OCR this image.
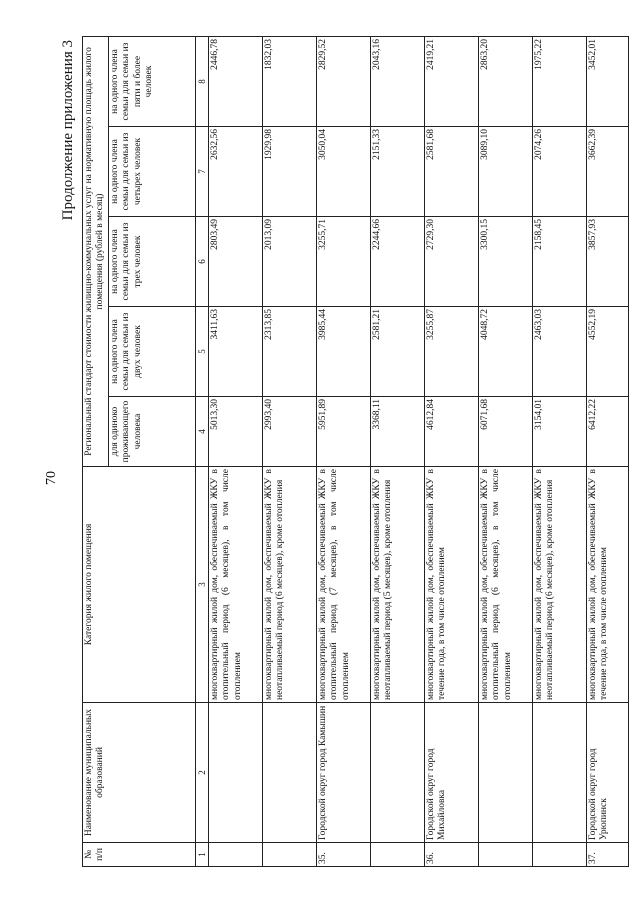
70
Продолжение приложения 3
№ п/п	Наименование муниципальных образований	Категория жилого помещения	Региональный стандарт стоимости жилищно-коммунальных услуг на нормативную площадь жилого помещения (рублей в месяц)				
			для одиноко проживающего человека	на одного члена семьи для семьи из двух человек	на одного члена семьи для семьи из трех человек	на одного члена семьи для семьи из четырех человек	на одного члена семьи для семьи из пяти и более человек
1	2	3	4	5	6	7	8
		многоквартирный жилой дом, обеспечиваемый ЖКУ в отопительный период (6 месяцев), в том числе отоплением	5013,30	3411,63	2803,49	2632,56	2446,78
		многоквартирный жилой дом, обеспечиваемый ЖКУ в неотапливаемый период (6 месяцев), кроме отопления	2993,40	2313,85	2013,09	1929,98	1832,03
35.	Городской округ город Камышин	многоквартирный жилой дом, обеспечиваемый ЖКУ в отопительный период (7 месяцев), в том числе отоплением	5951,89	3985,44	3255,71	3050,04	2829,52
		многоквартирный жилой дом, обеспечиваемый ЖКУ в неотапливаемый период (5 месяцев), кроме отопления	3368,11	2581,21	2244,66	2151,33	2043,16
36.	Городской округ город Михайловка	многоквартирный жилой дом, обеспечиваемый ЖКУ в течение года, в том числе отоплением	4612,84	3255,87	2729,30	2581,68	2419,21
		многоквартирный жилой дом, обеспечиваемый ЖКУ в отопительный период (6 месяцев), в том числе отоплением	6071,68	4048,72	3300,15	3089,10	2863,20
		многоквартирный жилой дом, обеспечиваемый ЖКУ в неотапливаемый период (6 месяцев), кроме отопления	3154,01	2463,03	2158,45	2074,26	1975,22
37.	Городской округ город Урюпинск	многоквартирный жилой дом, обеспечиваемый ЖКУ в течение года, в том числе отоплением	6412,22	4552,19	3857,93	3662,39	3452,01
